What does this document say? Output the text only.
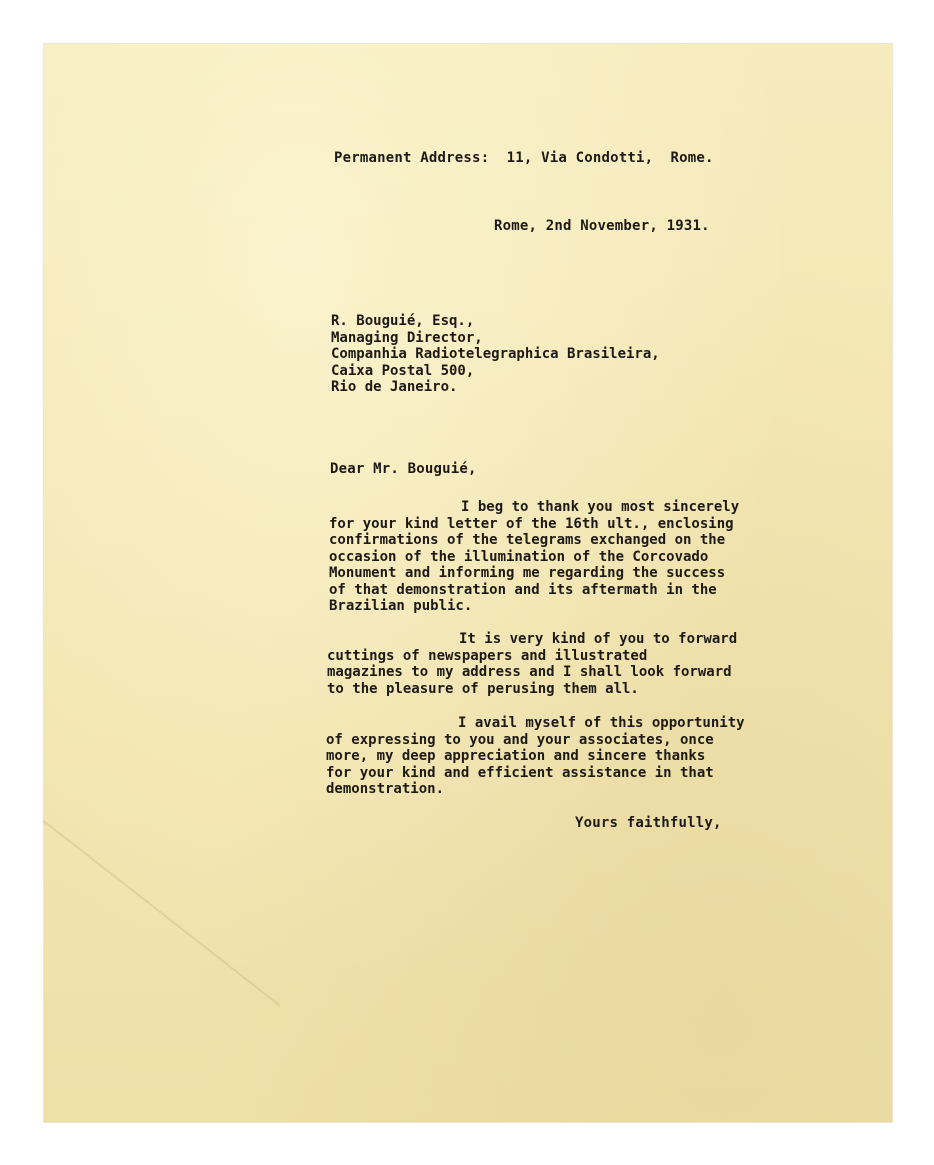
Permanent Address:  11, Via Condotti,  Rome.
Rome, 2nd November, 1931.
R. Bouguié, Esq.,
Managing Director,
Companhia Radiotelegraphica Brasileira,
Caixa Postal 500,
Rio de Janeiro.
Dear Mr. Bouguié,
I beg to thank you most sincerely
for your kind letter of the 16th ult., enclosing
confirmations of the telegrams exchanged on the
occasion of the illumination of the Corcovado
Monument and informing me regarding the success
of that demonstration and its aftermath in the
Brazilian public.
It is very kind of you to forward
cuttings of newspapers and illustrated
magazines to my address and I shall look forward
to the pleasure of perusing them all.
I avail myself of this opportunity
of expressing to you and your associates, once
more, my deep appreciation and sincere thanks
for your kind and efficient assistance in that
demonstration.
Yours faithfully,
